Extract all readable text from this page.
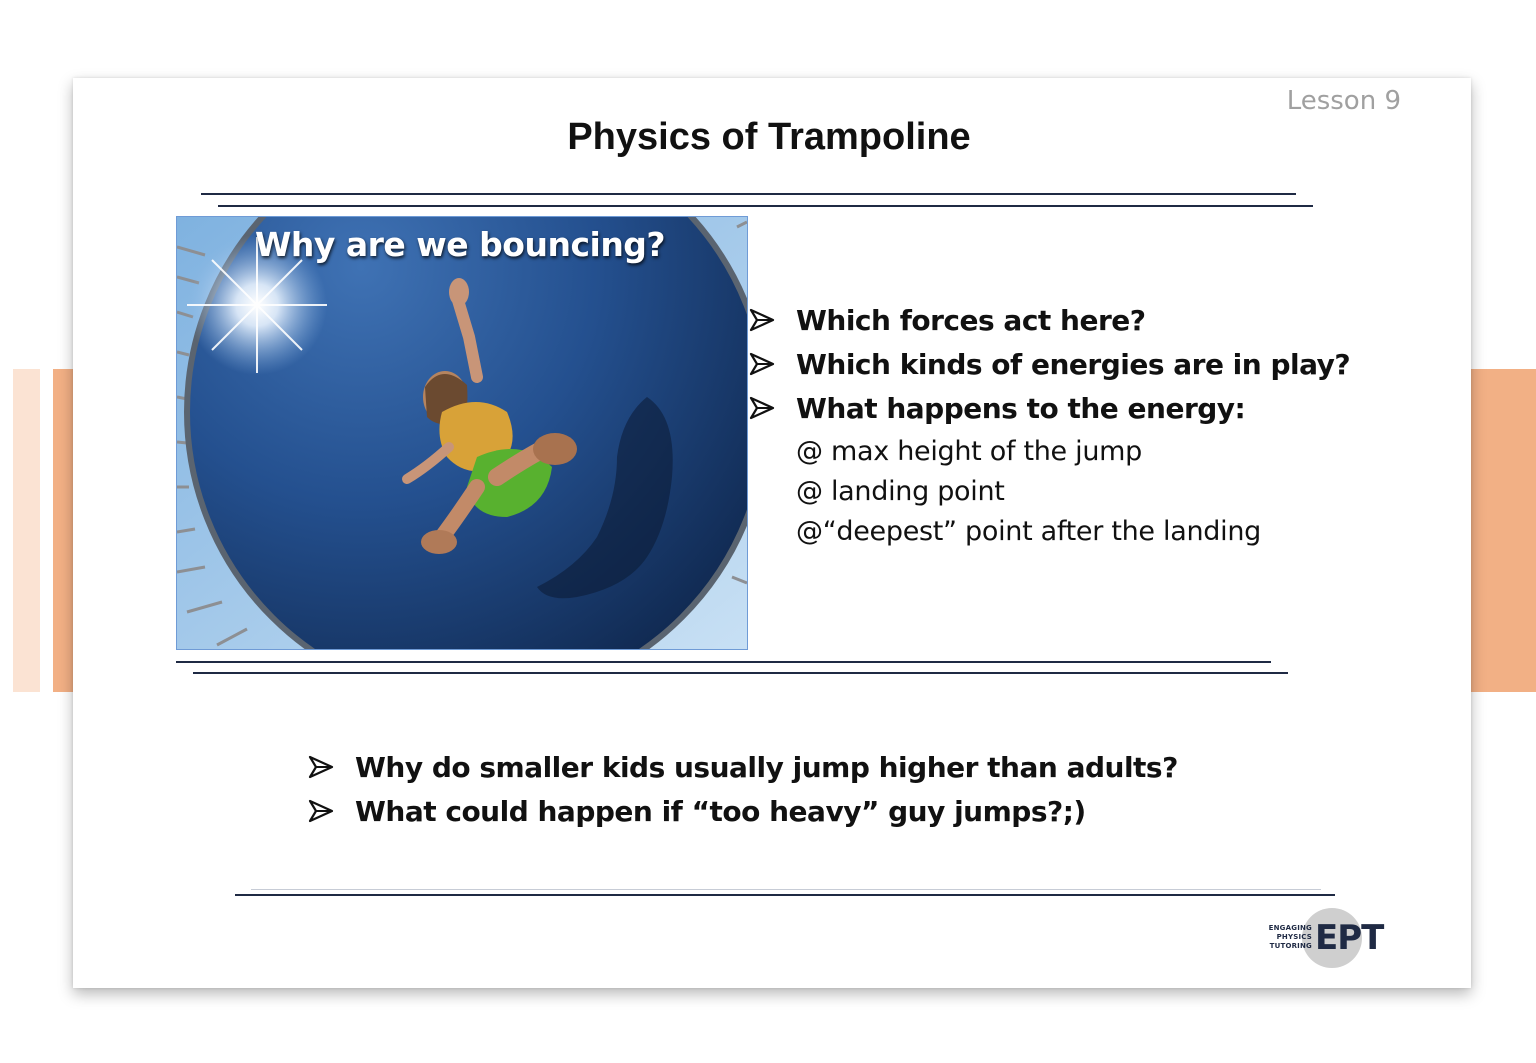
Lesson 9
Physics of Trampoline
Why are we bouncing?
Which forces act here?
Which kinds of energies are in play?
What happens to the energy:
@ max height of the jump
@ landing point
@“deepest” point after the landing
Why do smaller kids usually jump higher than adults?
What could happen if “too heavy” guy jumps?;)
ENGAGING
PHYSICS
TUTORING EPT
